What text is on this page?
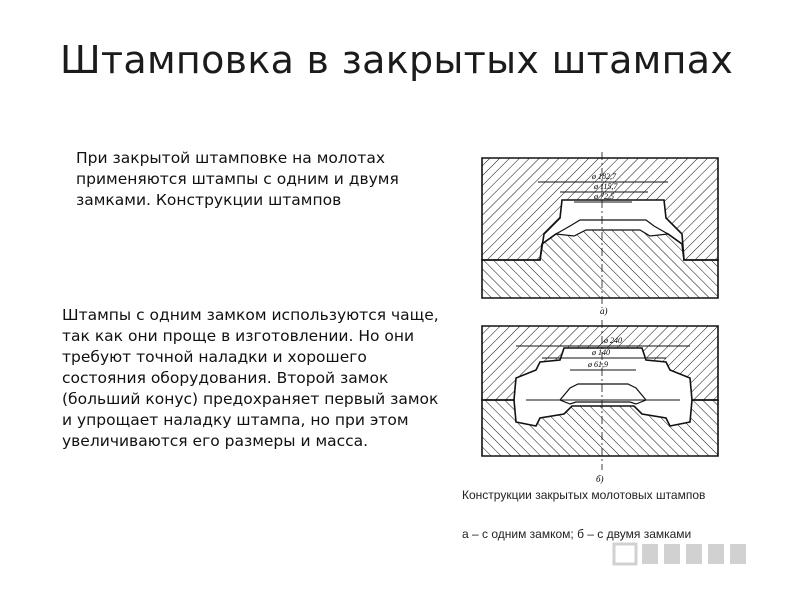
Штамповка в закрытых штампах
При закрытой штамповке на молотах применяются штампы с одним и двумя замками. Конструкции штампов
Штампы с одним замком используются чаще, так как они проще в изготовлении. Но они требуют точной наладки и хорошего состояния оборудования. Второй замок (больший конус) предохраняет первый замок и упрощает наладку штампа, но при этом увеличиваются его размеры и масса.
ø 182,7
ø 115,7
ø 72,5
а)
ø 240
ø 140
ø 61,9
б)
Конструкции закрытых молотовых штампов
а – с одним замком; б – с двумя замками
